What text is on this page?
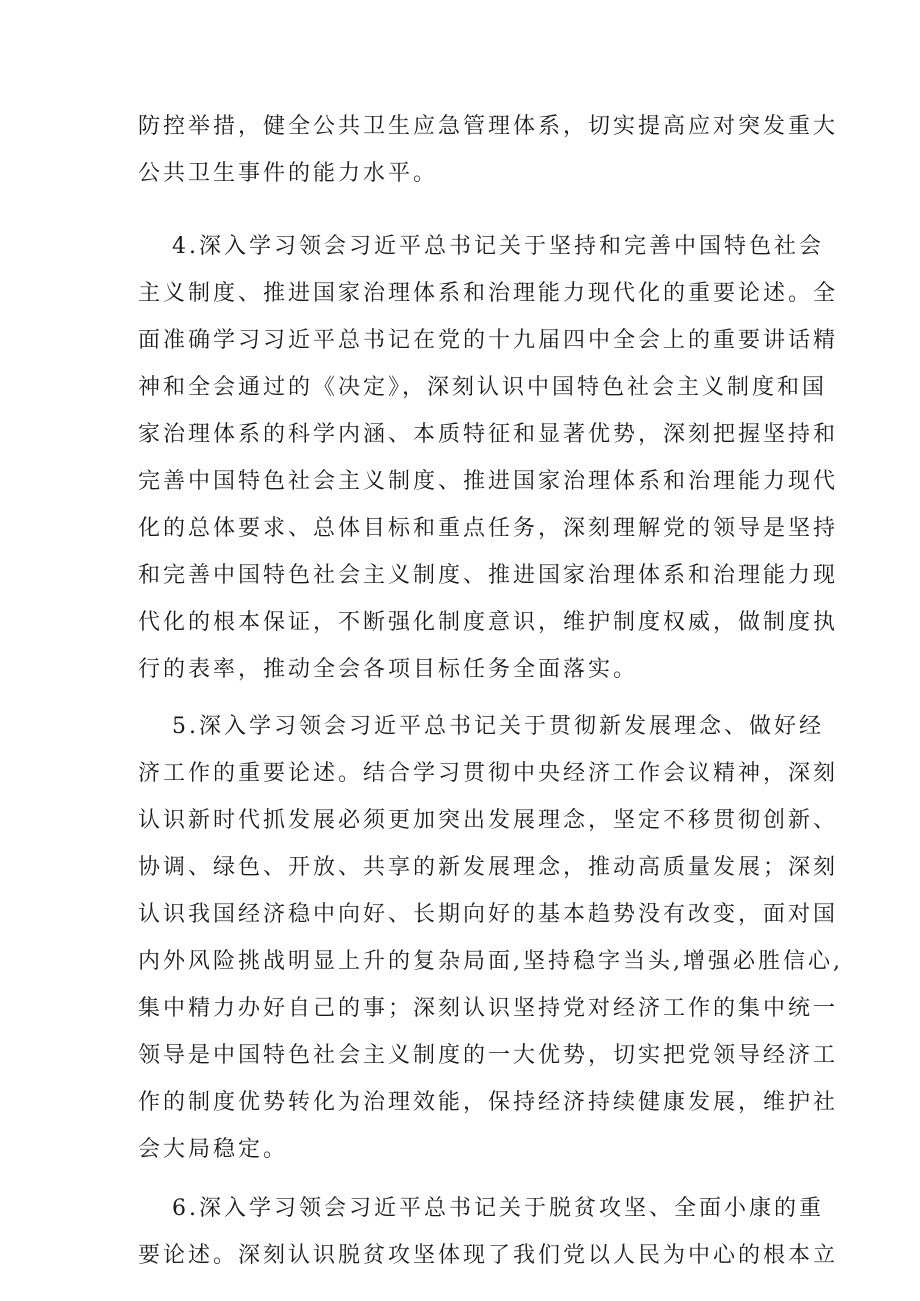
防控举措，健全公共卫生应急管理体系，切实提高应对突发重大
公共卫生事件的能力水平。
4.深入学习领会习近平总书记关于坚持和完善中国特色社会
主义制度、推进国家治理体系和治理能力现代化的重要论述。全
面准确学习习近平总书记在党的十九届四中全会上的重要讲话精
神和全会通过的《决定》，深刻认识中国特色社会主义制度和国
家治理体系的科学内涵、本质特征和显著优势，深刻把握坚持和
完善中国特色社会主义制度、推进国家治理体系和治理能力现代
化的总体要求、总体目标和重点任务，深刻理解党的领导是坚持
和完善中国特色社会主义制度、推进国家治理体系和治理能力现
代化的根本保证，不断强化制度意识，维护制度权威，做制度执
行的表率，推动全会各项目标任务全面落实。
5.深入学习领会习近平总书记关于贯彻新发展理念、做好经
济工作的重要论述。结合学习贯彻中央经济工作会议精神，深刻
认识新时代抓发展必须更加突出发展理念，坚定不移贯彻创新、
协调、绿色、开放、共享的新发展理念，推动高质量发展；深刻
认识我国经济稳中向好、长期向好的基本趋势没有改变，面对国
内外风险挑战明显上升的复杂局面,坚持稳字当头,增强必胜信心,
集中精力办好自己的事；深刻认识坚持党对经济工作的集中统一
领导是中国特色社会主义制度的一大优势，切实把党领导经济工
作的制度优势转化为治理效能，保持经济持续健康发展，维护社
会大局稳定。
6.深入学习领会习近平总书记关于脱贫攻坚、全面小康的重
要论述。深刻认识脱贫攻坚体现了我们党以人民为中心的根本立
